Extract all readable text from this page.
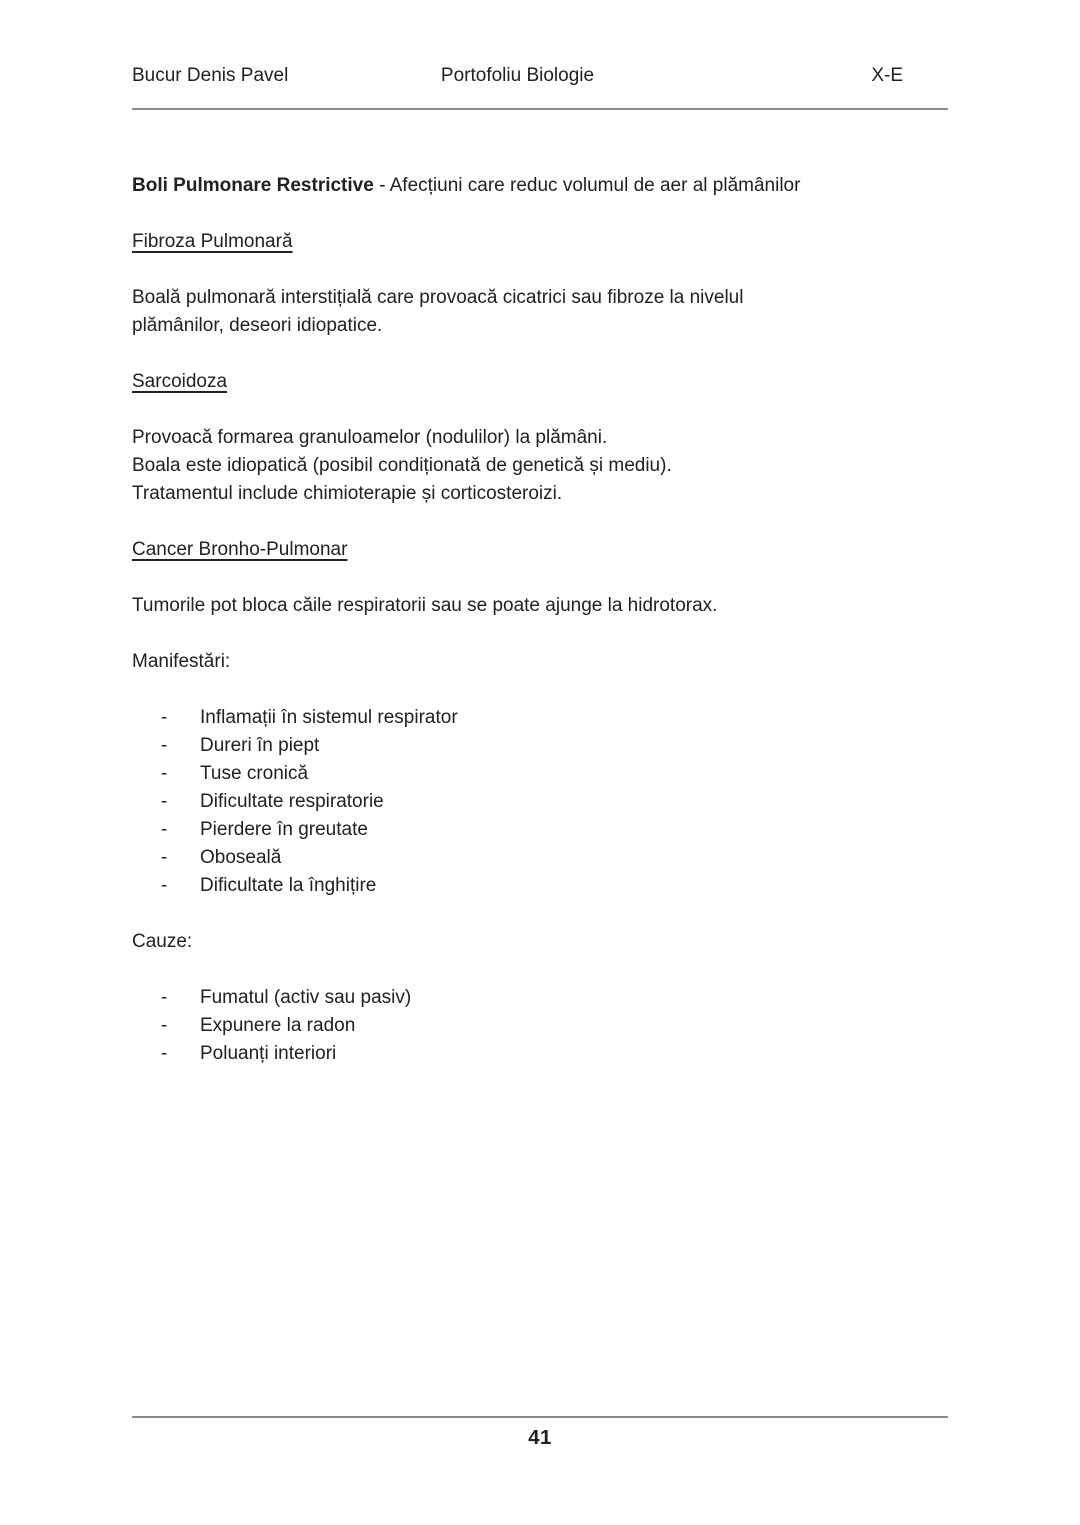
Bucur Denis Pavel	Portofoliu Biologie	X-E

Boli Pulmonare Restrictive - Afecțiuni care reduc volumul de aer al plămânilor

Fibroza Pulmonară

Boală pulmonară interstițială care provoacă cicatrici sau fibroze la nivelul

plămânilor, deseori idiopatice.

Sarcoidoza

Provoacă formarea granuloamelor (nodulilor) la plămâni.

Boala este idiopatică (posibil condiționată de genetică și mediu).

Tratamentul include chimioterapie și corticosteroizi.

Cancer Bronho-Pulmonar

Tumorile pot bloca căile respiratorii sau se poate ajunge la hidrotorax.

Manifestări:

-	Inflamații în sistemul respirator
-	Dureri în piept
-	Tuse cronică
-	Dificultate respiratorie
-	Pierdere în greutate
-	Oboseală
-	Dificultate la înghițire

Cauze:

-	Fumatul (activ sau pasiv)
-	Expunere la radon
-	Poluanți interiori
41
